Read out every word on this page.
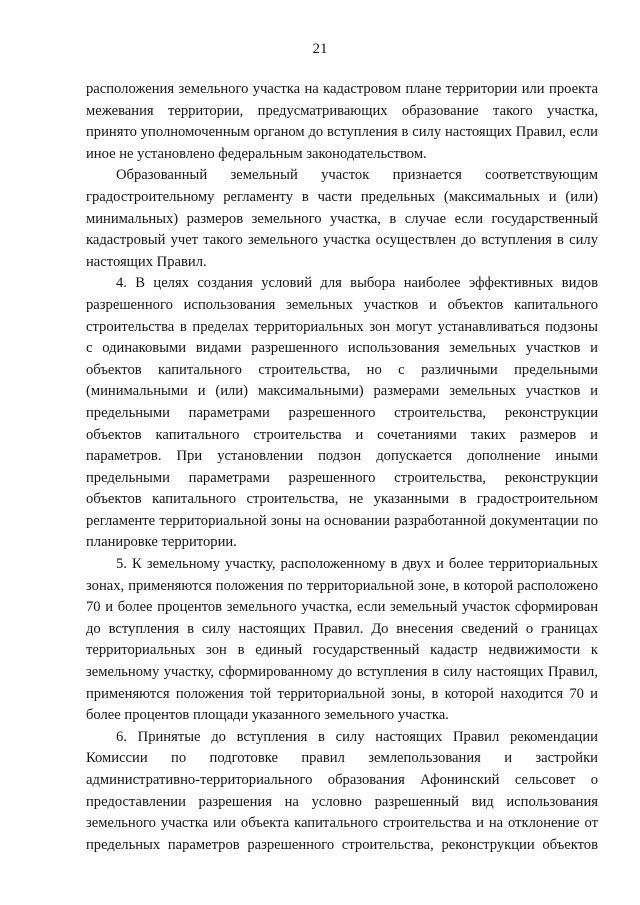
21

расположения земельного участка на кадастровом плане территории или проекта
межевания территории, предусматривающих образование такого участка,
принято уполномоченным органом до вступления в силу настоящих Правил, если
иное не установлено федеральным законодательством.

Образованный земельный участок признается соответствующим
градостроительному регламенту в части предельных (максимальных и (или)
минимальных) размеров земельного участка, в случае если государственный
кадастровый учет такого земельного участка осуществлен до вступления в силу
настоящих Правил.

4. В целях создания условий для выбора наиболее эффективных видов
разрешенного использования земельных участков и объектов капитального
строительства в пределах территориальных зон могут устанавливаться подзоны
с одинаковыми видами разрешенного использования земельных участков и
объектов капитального строительства, но с различными предельными
(минимальными и (или) максимальными) размерами земельных участков и
предельными параметрами разрешенного строительства, реконструкции
объектов капитального строительства и сочетаниями таких размеров и
параметров. При установлении подзон допускается дополнение иными
предельными параметрами разрешенного строительства, реконструкции
объектов капитального строительства, не указанными в градостроительном
регламенте территориальной зоны на основании разработанной документации по
планировке территории.

5. К земельному участку, расположенному в двух и более территориальных
зонах, применяются положения по территориальной зоне, в которой расположено
70 и более процентов земельного участка, если земельный участок сформирован
до вступления в силу настоящих Правил. До внесения сведений о границах
территориальных зон в единый государственный кадастр недвижимости к
земельному участку, сформированному до вступления в силу настоящих Правил,
применяются положения той территориальной зоны, в которой находится 70 и
более процентов площади указанного земельного участка.

6. Принятые до вступления в силу настоящих Правил рекомендации
Комиссии по подготовке правил землепользования и застройки
административно-территориального образования Афонинский сельсовет о
предоставлении разрешения на условно разрешенный вид использования
земельного участка или объекта капитального строительства и на отклонение от
предельных параметров разрешенного строительства, реконструкции объектов
